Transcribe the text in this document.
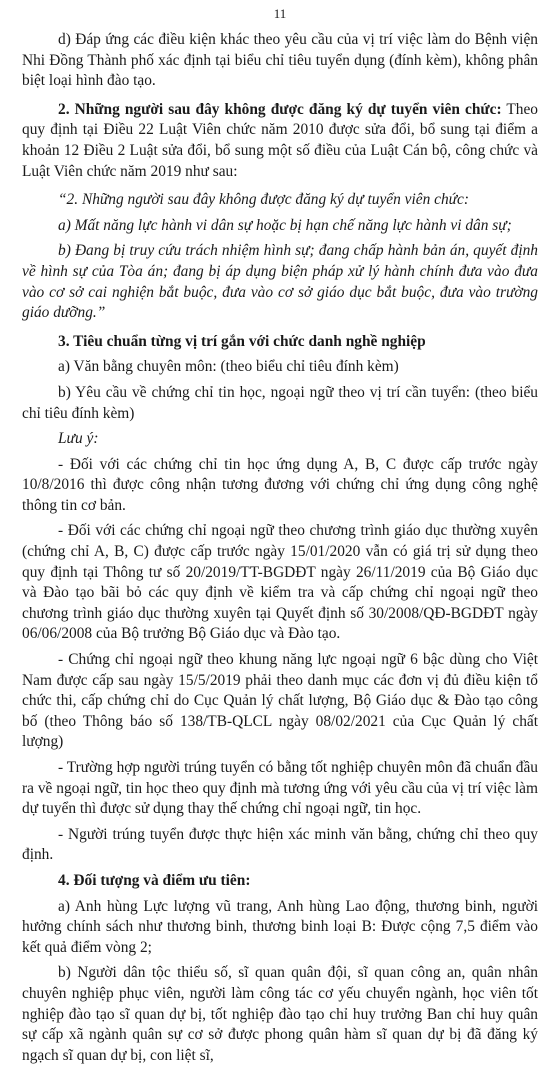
11

d) Đáp ứng các điều kiện khác theo yêu cầu của vị trí việc làm do Bệnh viện Nhi Đồng Thành phố xác định tại biểu chỉ tiêu tuyển dụng (đính kèm), không phân biệt loại hình đào tạo.

2. Những người sau đây không được đăng ký dự tuyển viên chức: Theo quy định tại Điều 22 Luật Viên chức năm 2010 được sửa đổi, bổ sung tại điểm a khoản 12 Điều 2 Luật sửa đổi, bổ sung một số điều của Luật Cán bộ, công chức và Luật Viên chức năm 2019 như sau:

“2. Những người sau đây không được đăng ký dự tuyển viên chức:

a) Mất năng lực hành vi dân sự hoặc bị hạn chế năng lực hành vi dân sự;

b) Đang bị truy cứu trách nhiệm hình sự; đang chấp hành bản án, quyết định về hình sự của Tòa án; đang bị áp dụng biện pháp xử lý hành chính đưa vào đưa vào cơ sở cai nghiện bắt buộc, đưa vào cơ sở giáo dục bắt buộc, đưa vào trường giáo dưỡng.”

3. Tiêu chuẩn từng vị trí gắn với chức danh nghề nghiệp

a) Văn bằng chuyên môn: (theo biểu chỉ tiêu đính kèm)

b) Yêu cầu về chứng chỉ tin học, ngoại ngữ theo vị trí cần tuyển: (theo biểu chỉ tiêu đính kèm)

Lưu ý:

- Đối với các chứng chỉ tin học ứng dụng A, B, C được cấp trước ngày 10/8/2016 thì được công nhận tương đương với chứng chỉ ứng dụng công nghệ thông tin cơ bản.

- Đối với các chứng chỉ ngoại ngữ theo chương trình giáo dục thường xuyên (chứng chỉ A, B, C) được cấp trước ngày 15/01/2020 vẫn có giá trị sử dụng theo quy định tại Thông tư số 20/2019/TT-BGDĐT ngày 26/11/2019 của Bộ Giáo dục và Đào tạo bãi bỏ các quy định về kiểm tra và cấp chứng chỉ ngoại ngữ theo chương trình giáo dục thường xuyên tại Quyết định số 30/2008/QĐ-BGDĐT ngày 06/06/2008 của Bộ trưởng Bộ Giáo dục và Đào tạo.

- Chứng chỉ ngoại ngữ theo khung năng lực ngoại ngữ 6 bậc dùng cho Việt Nam được cấp sau ngày 15/5/2019 phải theo danh mục các đơn vị đủ điều kiện tổ chức thi, cấp chứng chỉ do Cục Quản lý chất lượng, Bộ Giáo dục & Đào tạo công bố (theo Thông báo số 138/TB-QLCL ngày 08/02/2021 của Cục Quản lý chất lượng)

- Trường hợp người trúng tuyển có bằng tốt nghiệp chuyên môn đã chuẩn đầu ra về ngoại ngữ, tin học theo quy định mà tương ứng với yêu cầu của vị trí việc làm dự tuyển thì được sử dụng thay thế chứng chỉ ngoại ngữ, tin học.

- Người trúng tuyển được thực hiện xác minh văn bằng, chứng chỉ theo quy định.

4. Đối tượng và điểm ưu tiên:

a) Anh hùng Lực lượng vũ trang, Anh hùng Lao động, thương binh, người hưởng chính sách như thương binh, thương binh loại B: Được cộng 7,5 điểm vào kết quả điểm vòng 2;

b) Người dân tộc thiểu số, sĩ quan quân đội, sĩ quan công an, quân nhân chuyên nghiệp phục viên, người làm công tác cơ yếu chuyển ngành, học viên tốt nghiệp đào tạo sĩ quan dự bị, tốt nghiệp đào tạo chỉ huy trưởng Ban chỉ huy quân sự cấp xã ngành quân sự cơ sở được phong quân hàm sĩ quan dự bị đã đăng ký ngạch sĩ quan dự bị, con liệt sĩ,
